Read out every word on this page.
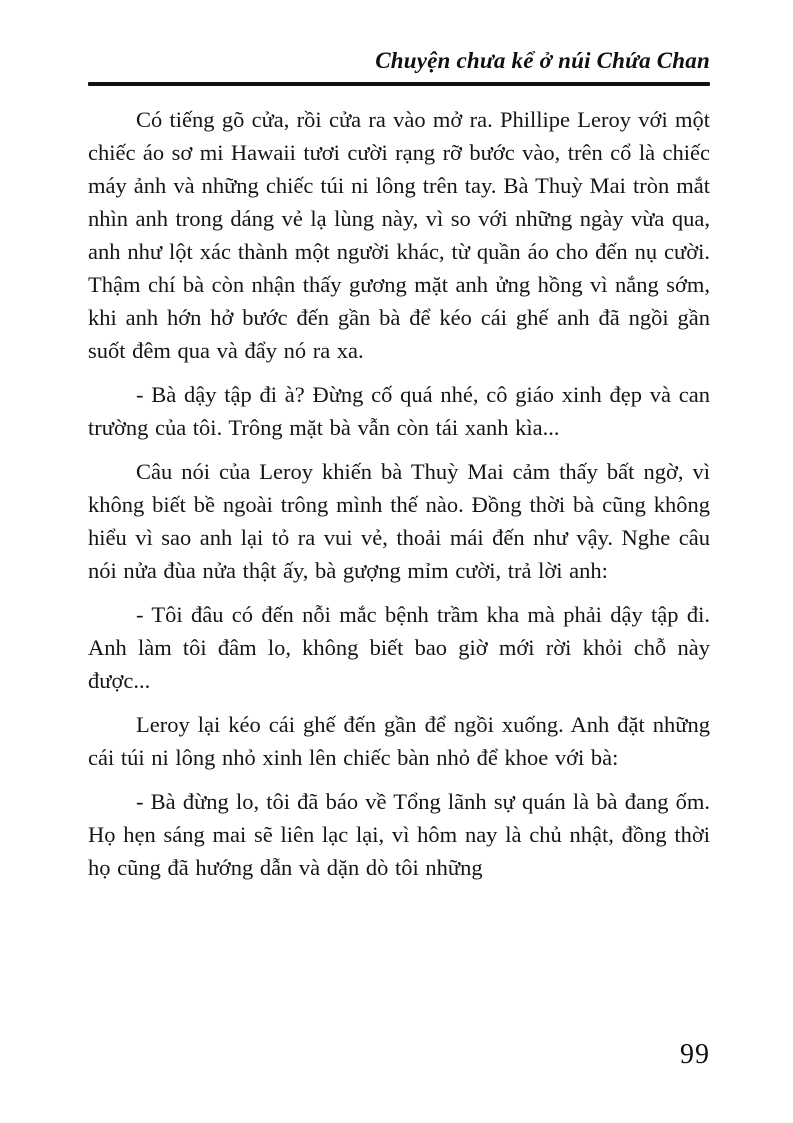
Chuyện chưa kể ở núi Chứa Chan

Có tiếng gõ cửa, rồi cửa ra vào mở ra. Phillipe Leroy với một chiếc áo sơ mi Hawaii tươi cười rạng rỡ bước vào, trên cổ là chiếc máy ảnh và những chiếc túi ni lông trên tay. Bà Thuỳ Mai tròn mắt nhìn anh trong dáng vẻ lạ lùng này, vì so với những ngày vừa qua, anh như lột xác thành một người khác, từ quần áo cho đến nụ cười. Thậm chí bà còn nhận thấy gương mặt anh ửng hồng vì nắng sớm, khi anh hớn hở bước đến gần bà để kéo cái ghế anh đã ngồi gần suốt đêm qua và đẩy nó ra xa.

- Bà dậy tập đi à? Đừng cố quá nhé, cô giáo xinh đẹp và can trường của tôi. Trông mặt bà vẫn còn tái xanh kìa...

Câu nói của Leroy khiến bà Thuỳ Mai cảm thấy bất ngờ, vì không biết bề ngoài trông mình thế nào. Đồng thời bà cũng không hiểu vì sao anh lại tỏ ra vui vẻ, thoải mái đến như vậy. Nghe câu nói nửa đùa nửa thật ấy, bà gượng mỉm cười, trả lời anh:

- Tôi đâu có đến nỗi mắc bệnh trầm kha mà phải dậy tập đi. Anh làm tôi đâm lo, không biết bao giờ mới rời khỏi chỗ này được...

Leroy lại kéo cái ghế đến gần để ngồi xuống. Anh đặt những cái túi ni lông nhỏ xinh lên chiếc bàn nhỏ để khoe với bà:

- Bà đừng lo, tôi đã báo về Tổng lãnh sự quán là bà đang ốm. Họ hẹn sáng mai sẽ liên lạc lại, vì hôm nay là chủ nhật, đồng thời họ cũng đã hướng dẫn và dặn dò tôi những

99
